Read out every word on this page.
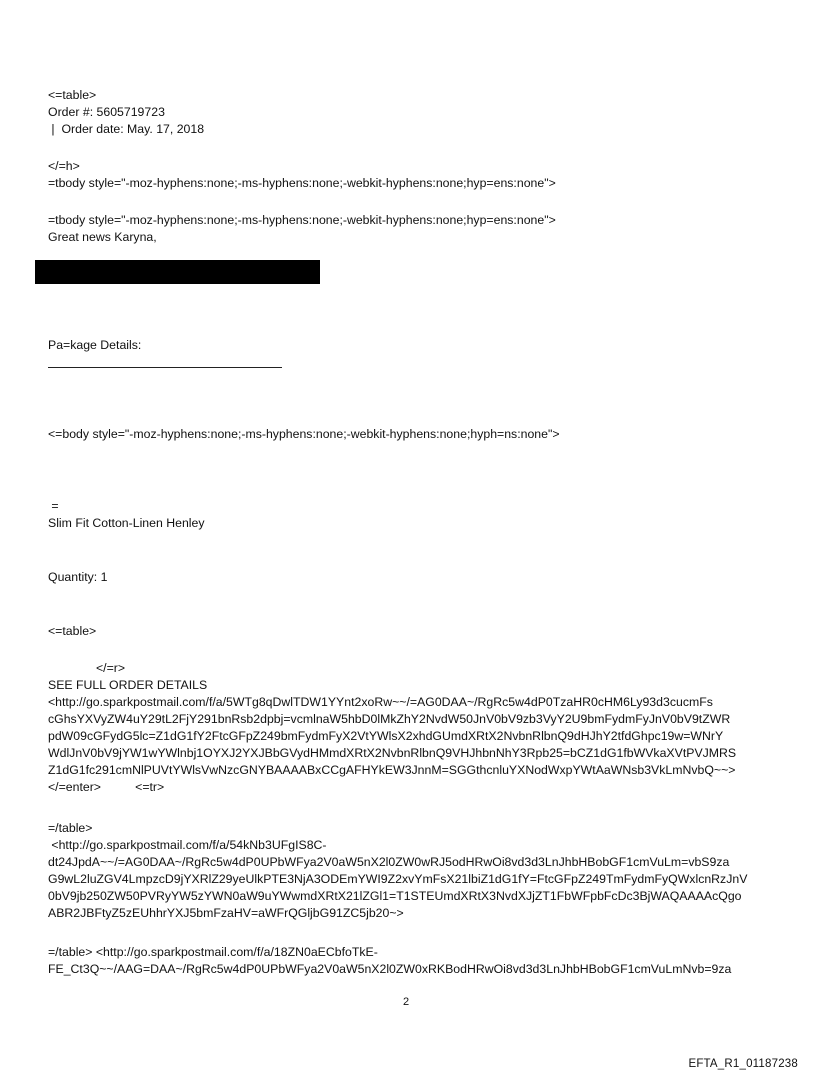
<=table>
Order #: 5605719723
|  Order date: May. 17, 2018
</=h>
=tbody style="-moz-hyphens:none;-ms-hyphens:none;-webkit-hyphens:none;hyp=ens:none">
=tbody style="-moz-hyphens:none;-ms-hyphens:none;-webkit-hyphens:none;hyp=ens:none">
Great news Karyna,
Pa=kage Details:
<=body style="-moz-hyphens:none;-ms-hyphens:none;-webkit-hyphens:none;hyph=ns:none">
=
Slim Fit Cotton-Linen Henley
Quantity: 1
<=table>
</=r>
SEE FULL ORDER DETAILS
<http://go.sparkpostmail.com/f/a/5WTg8qDwlTDW1YYnt2xoRw~~/=AG0DAA~/RgRc5w4dP0TzaHR0cHM6Ly93d3cucmFs
cGhsYXVyZW4uY29tL2FjY291bnRsb2dpbj=vcmlnaW5hbD0lMkZhY2NvdW50JnV0bV9zb3VyY2U9bmFydmFyJnV0bV9tZWR
pdW09cGFydG5lc=Z1dG1fY2FtcGFpZ249bmFydmFyX2VtYWlsX2xhdGUmdXRtX2NvbnRlbnQ9dHJhY2tfdGhpc19w=WNrY
WdlJnV0bV9jYW1wYWlnbj1OYXJ2YXJBbGVydHMmdXRtX2NvbnRlbnQ9VHJhbnNhY3Rpb25=bCZ1dG1fbWVkaXVtPVJMRS
Z1dG1fc291cmNlPUVtYWlsVwNzcGNYBAAAABxCCgAFHYkEW3JnnM=SGGthcnluYXNodWxpYWtAaWNsb3VkLmNvbQ~~>
</=enter>          <=tr>
=/table>
<http://go.sparkpostmail.com/f/a/54kNb3UFgIS8C-
dt24JpdA~~/=AG0DAA~/RgRc5w4dP0UPbWFya2V0aW5nX2l0ZW0wRJ5odHRwOi8vd3d3LnJhbHBobGF1cmVuLm=vbS9za
G9wL2luZGV4LmpzcD9jYXRlZ29yeUlkPTE3NjA3ODEmYWI9Z2xvYmFsX21lbiZ1dG1fY=FtcGFpZ249TmFydmFyQWxlcnRzJnV
0bV9jb250ZW50PVRyYW5zYWN0aW9uYWwmdXRtX21lZGl1=T1STEUmdXRtX3NvdXJjZT1FbWFpbFcDc3BjWAQAAAAcQgo
ABR2JBFtyZ5zEUhhrYXJ5bmFzaHV=aWFrQGljbG91ZC5jb20~>
=/table> <http://go.sparkpostmail.com/f/a/18ZN0aECbfoTkE-
FE_Ct3Q~~/AAG=DAA~/RgRc5w4dP0UPbWFya2V0aW5nX2l0ZW0xRKBodHRwOi8vd3d3LnJhbHBobGF1cmVuLmNvb=9za
2
EFTA_R1_01187238
